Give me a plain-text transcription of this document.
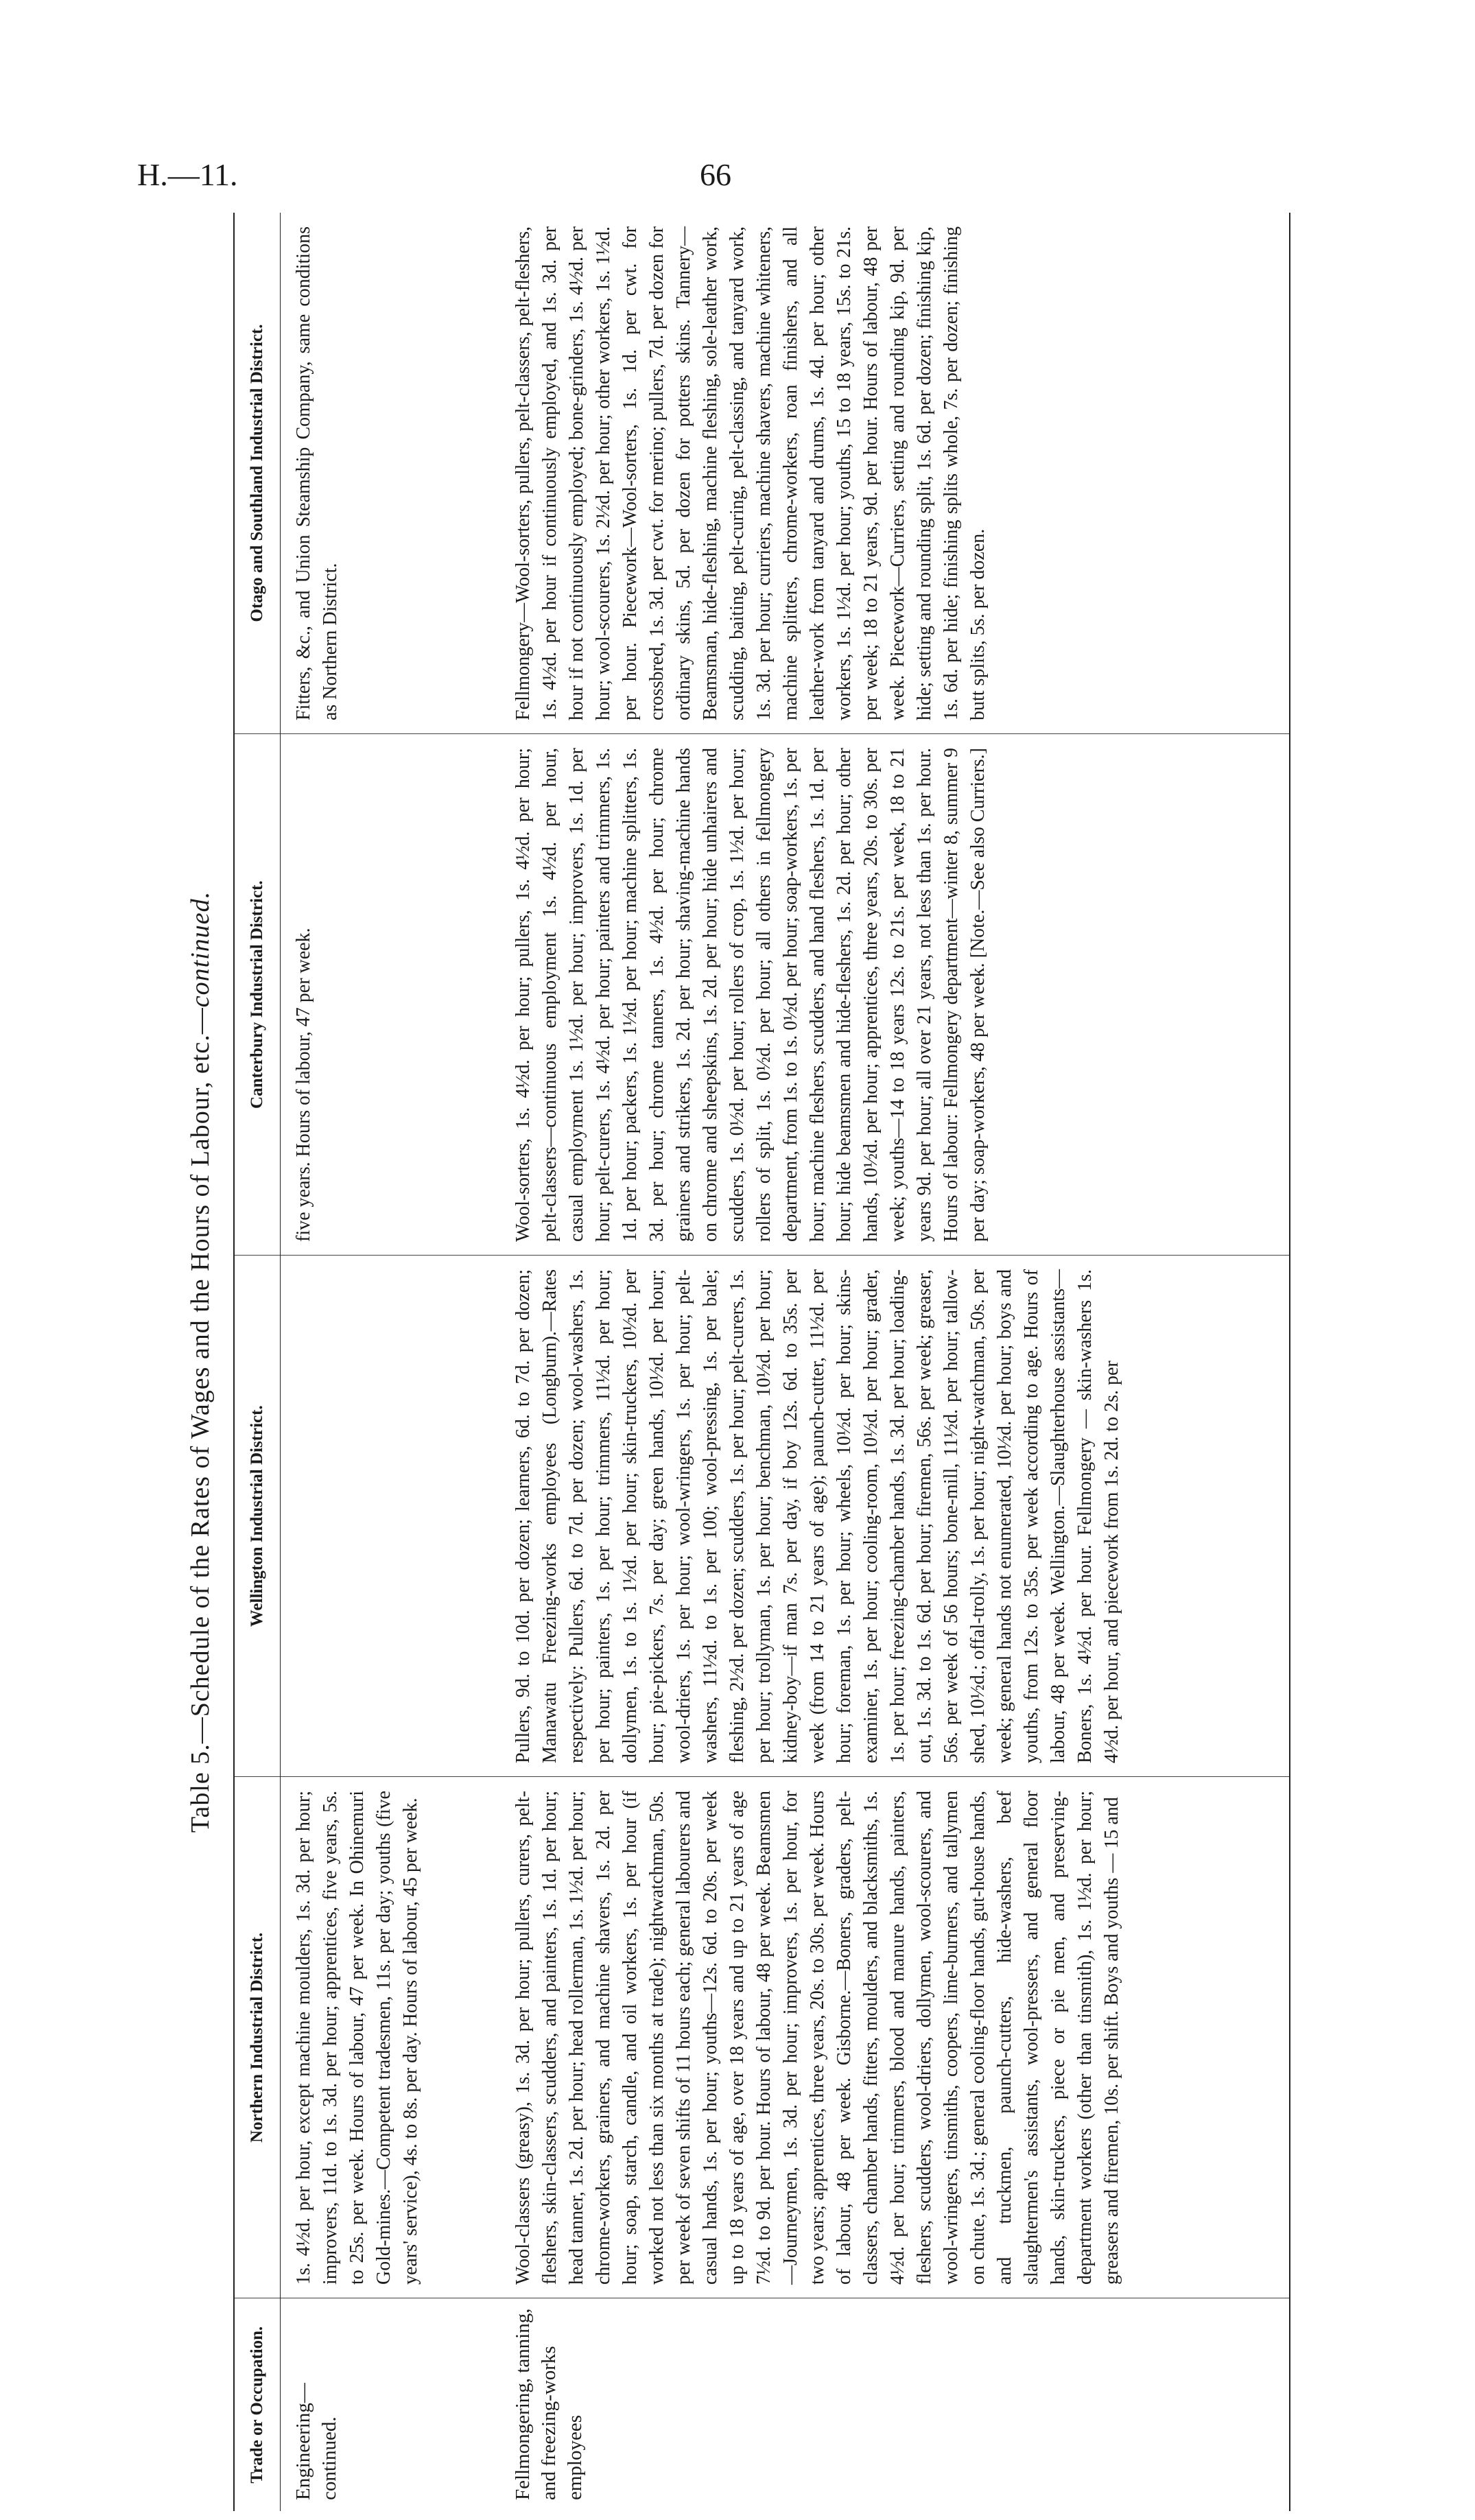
H.—11.	66
Table 5.—Schedule of the Rates of Wages and the Hours of Labour, etc.—continued.
Trade or Occupation.
Northern Industrial District.
Wellington Industrial District.
Canterbury Industrial District.
Otago and Southland Industrial District.
Engineering—continued.
1s. 4½d. per hour, except machine moulders, 1s. 3d. per hour; improvers, 11d. to 1s. 3d. per hour; apprentices, five years, 5s. to 25s. per week. Hours of labour, 47 per week. In Ohinemuri Gold-mines.—Competent tradesmen, 11s. per day; youths (five years' service), 4s. to 8s. per day. Hours of labour, 45 per week.
five years. Hours of labour, 47 per week.
Fitters, &c., and Union Steamship Company, same conditions as Northern District.
Fellmongering, tanning, and freezing-works employees
Wool-classers (greasy), 1s. 3d. per hour; pullers, curers, pelt-fleshers, skin-classers, scudders, and painters, 1s. 1d. per hour; head tanner, 1s. 2d. per hour; head rollerman, 1s. 1½d. per hour; chrome-workers, grainers, and machine shavers, 1s. 2d. per hour; soap, starch, candle, and oil workers, 1s. per hour (if worked not less than six months at trade); nightwatchman, 50s. per week of seven shifts of 11 hours each; general labourers and casual hands, 1s. per hour; youths—12s. 6d. to 20s. per week up to 18 years of age, over 18 years and up to 21 years of age 7½d. to 9d. per hour. Hours of labour, 48 per week. Beamsmen—Journeymen, 1s. 3d. per hour; improvers, 1s. per hour, for two years; apprentices, three years, 20s. to 30s. per week. Hours of labour, 48 per week. Gisborne.—Boners, graders, pelt-classers, chamber hands, fitters, moulders, and blacksmiths, 1s. 4½d. per hour; trimmers, blood and manure hands, painters, fleshers, scudders, wool-driers, dollymen, wool-scourers, and wool-wringers, tinsmiths, coopers, lime-burners, and tallymen on chute, 1s. 3d.; general cooling-floor hands, gut-house hands, and truckmen, paunch-cutters, hide-washers, beef slaughtermen's assistants, wool-pressers, and general floor hands, skin-truckers, piece or pie men, and preserving-department workers (other than tinsmith), 1s. 1½d. per hour; greasers and firemen, 10s. per shift. Boys and youths — 15 and
Pullers, 9d. to 10d. per dozen; learners, 6d. to 7d. per dozen; Manawatu Freezing-works employees (Longburn).—Rates respectively: Pullers, 6d. to 7d. per dozen; wool-washers, 1s. per hour; painters, 1s. per hour; trimmers, 11½d. per hour; dollymen, 1s. to 1s. 1½d. per hour; skin-truckers, 10½d. per hour; pie-pickers, 7s. per day; green hands, 10½d. per hour; wool-driers, 1s. per hour; wool-wringers, 1s. per hour; pelt-washers, 11½d. to 1s. per 100; wool-pressing, 1s. per bale; fleshing, 2½d. per dozen; scudders, 1s. per hour; pelt-curers, 1s. per hour; trollyman, 1s. per hour; benchman, 10½d. per hour; kidney-boy—if man 7s. per day, if boy 12s. 6d. to 35s. per week (from 14 to 21 years of age); paunch-cutter, 11½d. per hour; foreman, 1s. per hour; wheels, 10½d. per hour; skins-examiner, 1s. per hour; cooling-room, 10½d. per hour; grader, 1s. per hour; freezing-chamber hands, 1s. 3d. per hour; loading-out, 1s. 3d. to 1s. 6d. per hour; firemen, 56s. per week; greaser, 56s. per week of 56 hours; bone-mill, 11½d. per hour; tallow-shed, 10½d.; offal-trolly, 1s. per hour; night-watchman, 50s. per week; general hands not enumerated, 10½d. per hour; boys and youths, from 12s. to 35s. per week according to age. Hours of labour, 48 per week. Wellington.—Slaughterhouse assistants—Boners, 1s. 4½d. per hour. Fellmongery — skin-washers 1s. 4½d. per hour, and piecework from 1s. 2d. to 2s. per
Wool-sorters, 1s. 4½d. per hour; pullers, 1s. 4½d. per hour; pelt-classers—continuous employment 1s. 4½d. per hour, casual employment 1s. 1½d. per hour; improvers, 1s. 1d. per hour; pelt-curers, 1s. 4½d. per hour; painters and trimmers, 1s. 1d. per hour; packers, 1s. 1½d. per hour; machine splitters, 1s. 3d. per hour; chrome tanners, 1s. 4½d. per hour; chrome grainers and strikers, 1s. 2d. per hour; shaving-machine hands on chrome and sheepskins, 1s. 2d. per hour; hide unhairers and scudders, 1s. 0½d. per hour; rollers of crop, 1s. 1½d. per hour; rollers of split, 1s. 0½d. per hour; all others in fellmongery department, from 1s. to 1s. 0½d. per hour; soap-workers, 1s. per hour; machine fleshers, scudders, and hand fleshers, 1s. 1d. per hour; hide beamsmen and hide-fleshers, 1s. 2d. per hour; other hands, 10½d. per hour; apprentices, three years, 20s. to 30s. per week; youths—14 to 18 years 12s. to 21s. per week, 18 to 21 years 9d. per hour; all over 21 years, not less than 1s. per hour. Hours of labour: Fellmongery department—winter 8, summer 9 per day; soap-workers, 48 per week. [Note.—See also Curriers.]
Fellmongery—Wool-sorters, pullers, pelt-classers, pelt-fleshers, 1s. 4½d. per hour if continuously employed, and 1s. 3d. per hour if not continuously employed; bone-grinders, 1s. 4½d. per hour; wool-scourers, 1s. 2½d. per hour; other workers, 1s. 1½d. per hour. Piecework—Wool-sorters, 1s. 1d. per cwt. for crossbred, 1s. 3d. per cwt. for merino; pullers, 7d. per dozen for ordinary skins, 5d. per dozen for potters skins. Tannery—Beamsman, hide-fleshing, machine fleshing, sole-leather work, scudding, baiting, pelt-curing, pelt-classing, and tanyard work, 1s. 3d. per hour; curriers, machine shavers, machine whiteners, machine splitters, chrome-workers, roan finishers, and all leather-work from tanyard and drums, 1s. 4d. per hour; other workers, 1s. 1½d. per hour; youths, 15 to 18 years, 15s. to 21s. per week; 18 to 21 years, 9d. per hour. Hours of labour, 48 per week. Piecework—Curriers, setting and rounding kip, 9d. per hide; setting and rounding split, 1s. 6d. per dozen; finishing kip, 1s. 6d. per hide; finishing splits whole, 7s. per dozen; finishing butt splits, 5s. per dozen.
